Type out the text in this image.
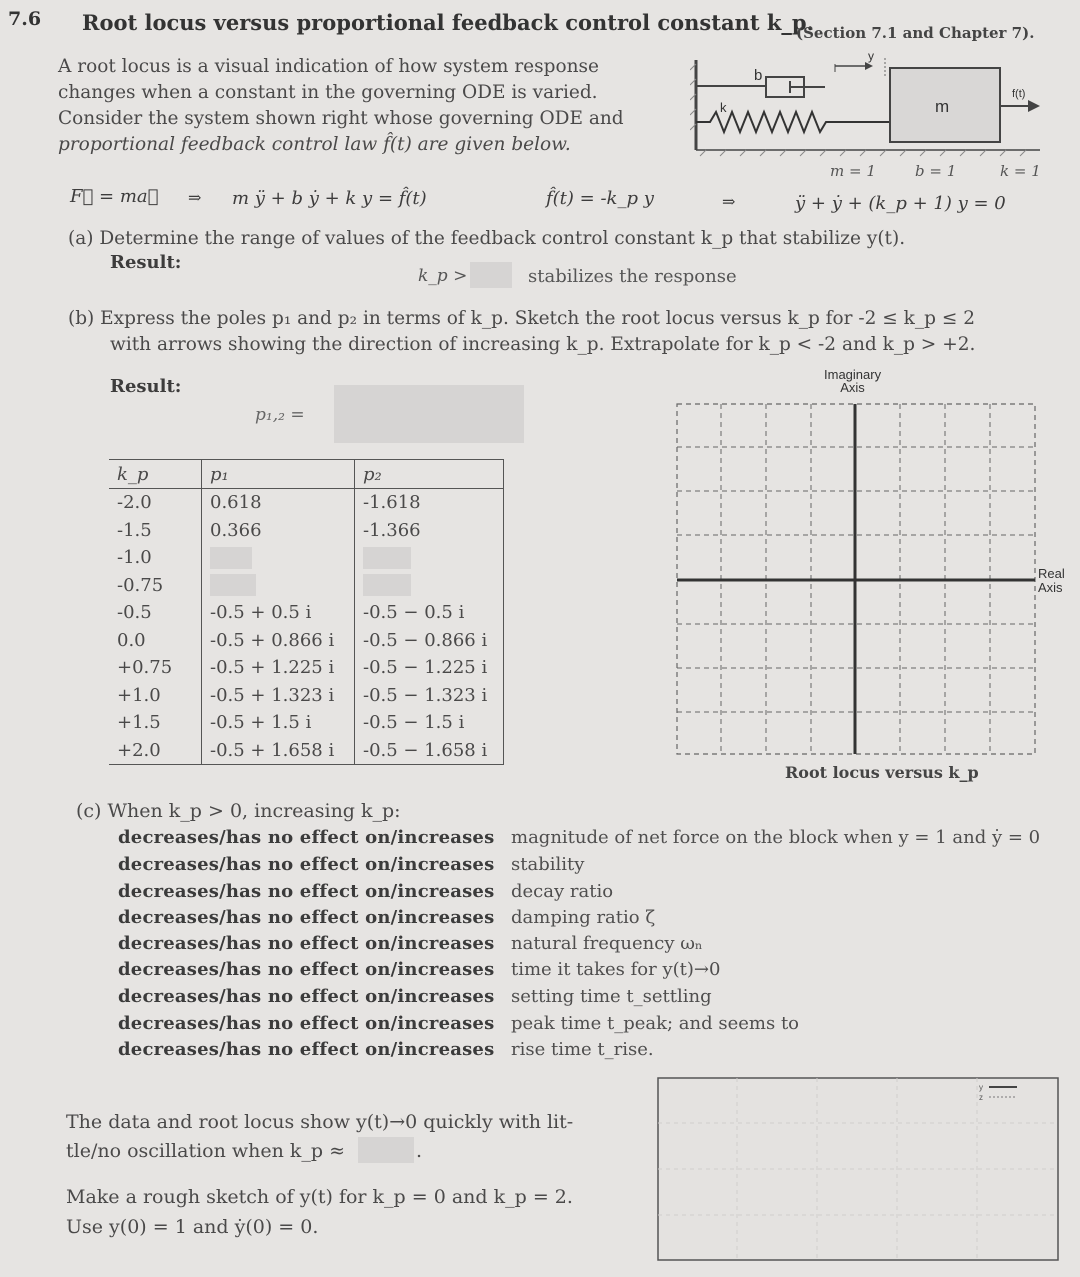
7.6 Root locus versus proportional feedback control constant k_p.
(Section 7.1 and Chapter 7).
A root locus is a visual indication of how system response
changes when a constant in the governing ODE is varied.
Consider the system shown right whose governing ODE and
proportional feedback control law f̂(t) are given below.
b
k	m
y
f(t)
m = 1	b = 1	k = 1
F⃗ = ma⃗ ⇒ m ÿ + b ẏ + k y = f̂(t)	f̂(t) = -k_p y	⇒	ÿ + ẏ + (k_p + 1) y = 0
(a) Determine the range of values of the feedback control constant k_p that stabilize y(t).
Result:
k_p >	stabilizes the response
(b) Express the poles p₁ and p₂ in terms of k_p. Sketch the root locus versus k_p for -2 ≤ k_p ≤ 2
with arrows showing the direction of increasing k_p. Extrapolate for k_p < -2 and k_p > +2.
Result:
p₁,₂ =
k_p	p₁	p₂
-2.0	0.618	-1.618
-1.5	0.366	-1.366
-1.0		
-0.75		
-0.5	-0.5 + 0.5 i	-0.5 − 0.5 i
0.0	-0.5 + 0.866 i	-0.5 − 0.866 i
+0.75	-0.5 + 1.225 i	-0.5 − 1.225 i
+1.0	-0.5 + 1.323 i	-0.5 − 1.323 i
+1.5	-0.5 + 1.5 i	-0.5 − 1.5 i
+2.0	-0.5 + 1.658 i	-0.5 − 1.658 i
Imaginary
Axis
Real
Axis
Root locus versus k_p
(c) When k_p > 0, increasing k_p:
decreases/has no effect on/increases magnitude of net force on the block when y = 1 and ẏ = 0
decreases/has no effect on/increases stability
decreases/has no effect on/increases decay ratio
decreases/has no effect on/increases damping ratio ζ
decreases/has no effect on/increases natural frequency ωₙ
decreases/has no effect on/increases time it takes for y(t)→0
decreases/has no effect on/increases setting time t_settling
decreases/has no effect on/increases peak time t_peak; and seems to
decreases/has no effect on/increases rise time t_rise.
The data and root locus show y(t)→0 quickly with lit-
tle/no oscillation when k_p ≈	.
Make a rough sketch of y(t) for k_p = 0 and k_p = 2.
Use y(0) = 1 and ẏ(0) = 0.
y
z
